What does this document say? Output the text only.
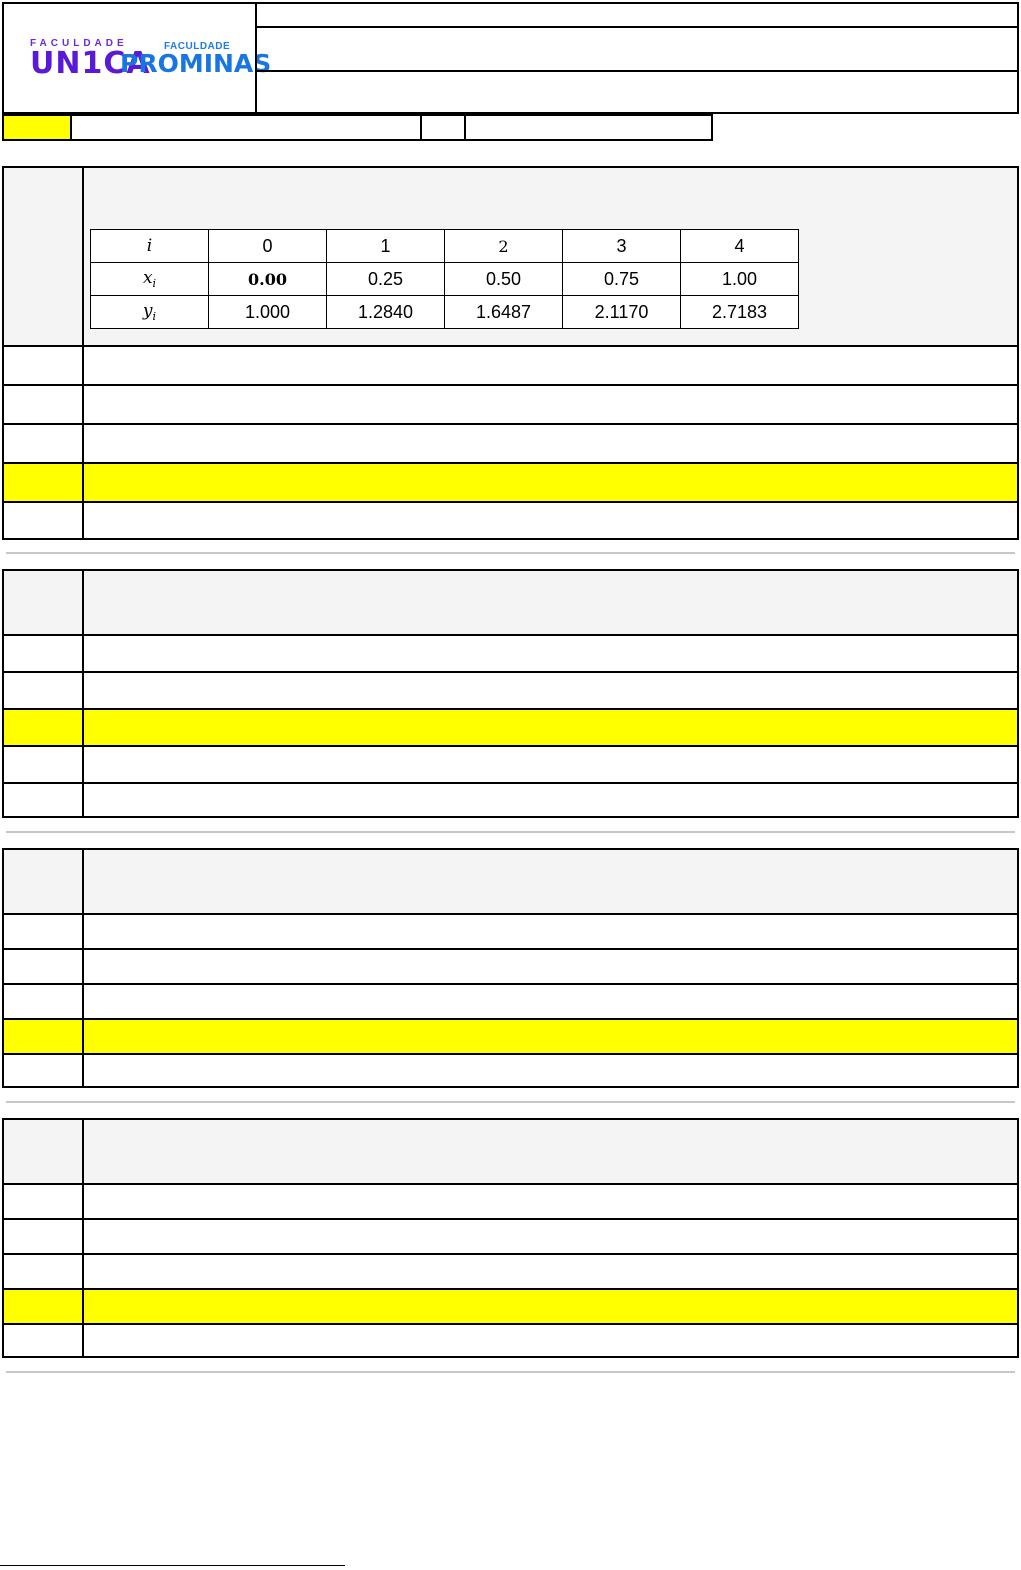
FACULDADE
UN1CA FACULDADE
PROMINAS
i	0	1	2	3	4
$x_i$	0.00	0.25	0.50	0.75	1.00
$y_i$	1.000	1.2840	1.6487	2.1170	2.7183
